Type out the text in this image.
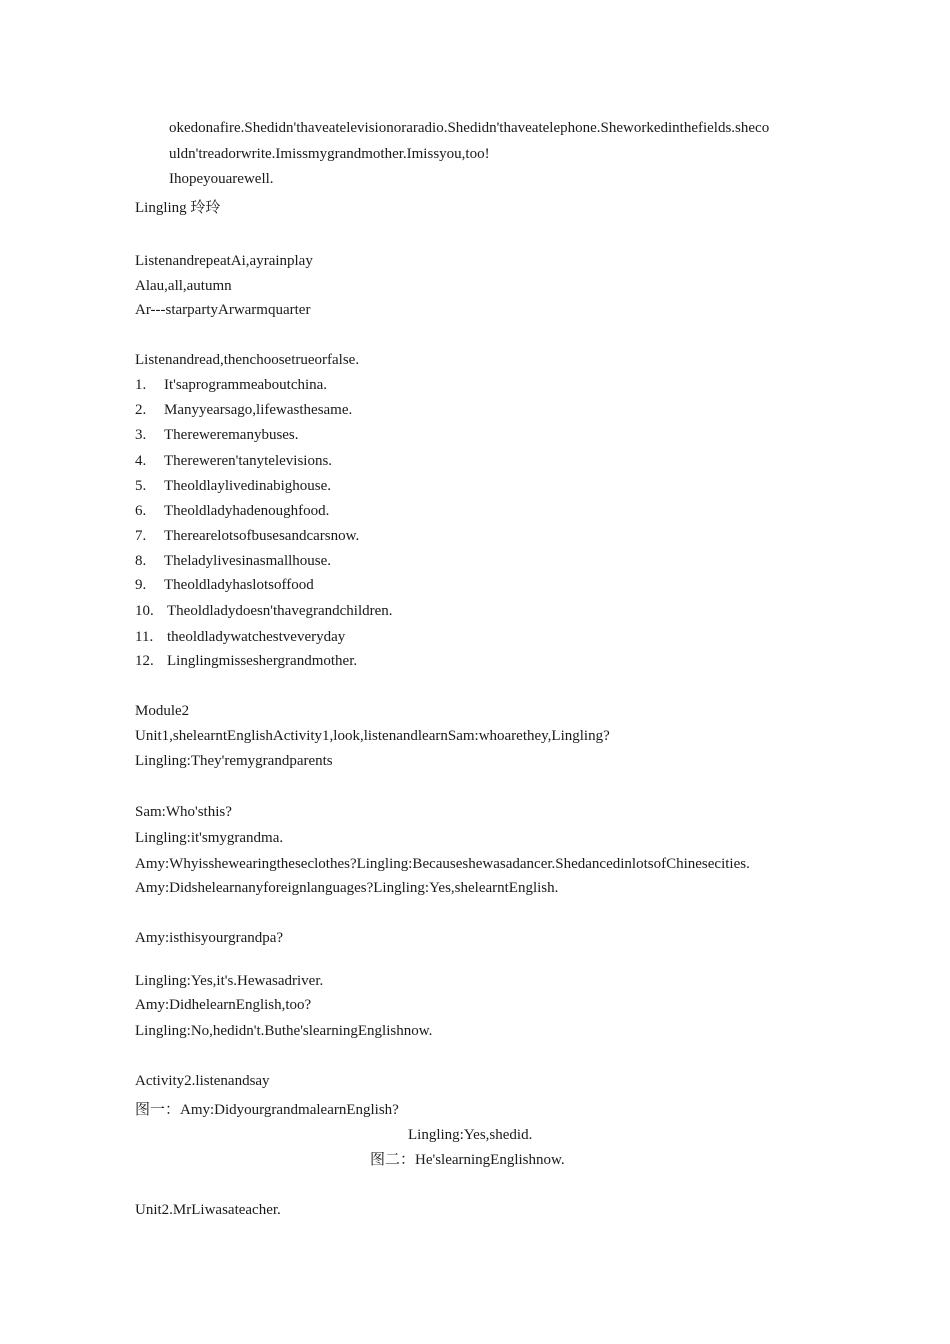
okedonafire.Shedidn'thaveatelevisionoraradio.Shedidn'thaveatelephone.Sheworkedinthefields.sheco
uldn'treadorwrite.Imissmygrandmother.Imissyou,too!
Ihopeyouarewell.
Lingling 玲玲
ListenandrepeatAi,ayrainplay
Alau,all,autumn
Ar---starpartyArwarmquarter
Listenandread,thenchoosetrueorfalse.
1. It'saprogrammeaboutchina.
2. Manyyearsago,lifewasthesame.
3. Thereweremanybuses.
4. Thereweren'tanytelevisions.
5. Theoldlaylivedinabighouse.
6. Theoldladyhadenoughfood.
7. Therearelotsofbusesandcarsnow.
8. Theladylivesinasmallhouse.
9. Theoldladyhaslotsoffood
10. Theoldladydoesn'thavegrandchildren.
11. theoldladywatchestveveryday
12. Linglingmisseshergrandmother.
Module2
Unit1,shelearntEnglishActivity1,look,listenandlearnSam:whoarethey,Lingling?
Lingling:They'remygrandparents
Sam:Who'sthis?
Lingling:it'smygrandma.
Amy:Whyisshewearingtheseclothes?Lingling:Becauseshewasadancer.ShedancedinlotsofChinesecities.
Amy:Didshelearnanyforeignlanguages?Lingling:Yes,shelearntEnglish.
Amy:isthisyourgrandpa?
Lingling:Yes,it's.Hewasadriver.
Amy:DidhelearnEnglish,too?
Lingling:No,hedidn't.Buthe'slearningEnglishnow.
Activity2.listenandsay
图一：Amy:DidyourgrandmalearnEnglish?
Lingling:Yes,shedid.
图二：He'slearningEnglishnow.
Unit2.MrLiwasateacher.
